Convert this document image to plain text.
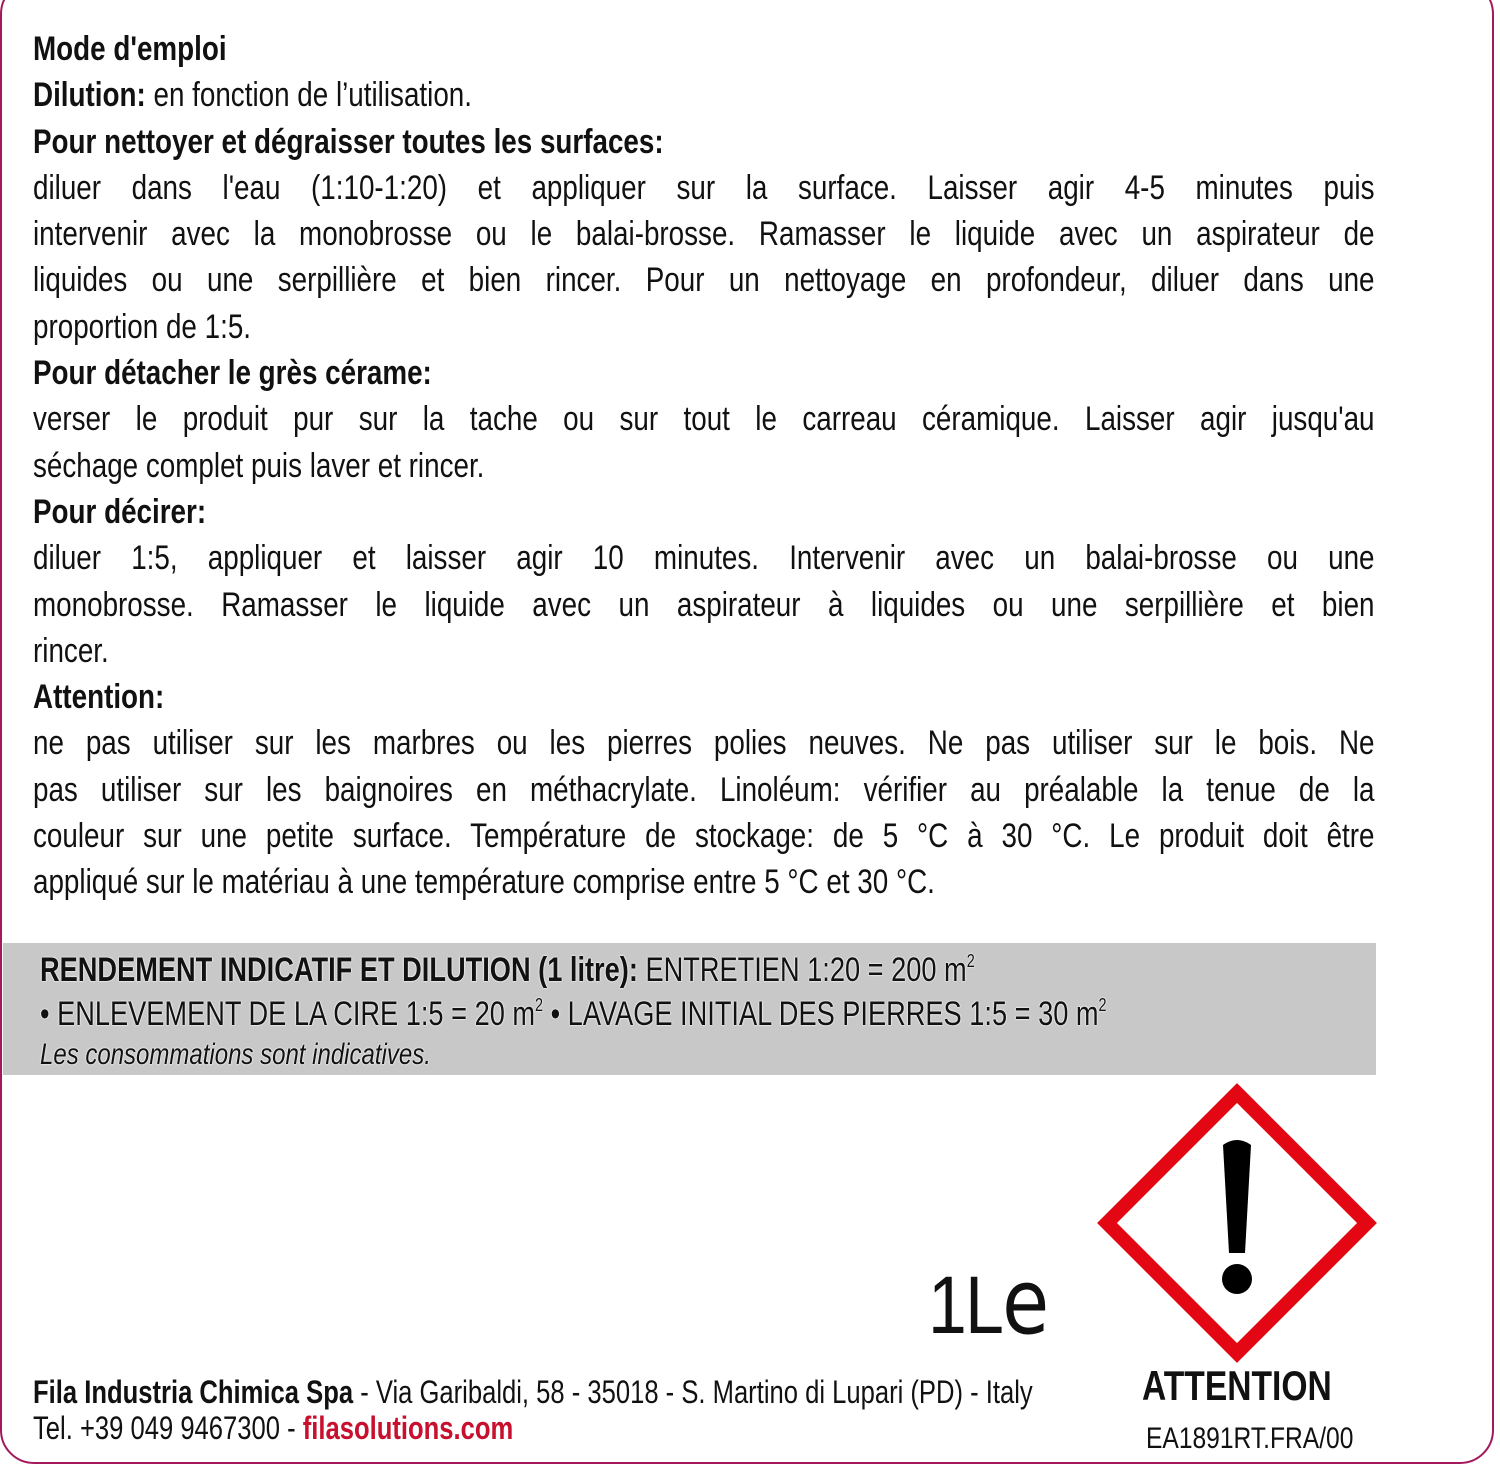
Mode d'emploi
Dilution: en fonction de l’utilisation.
Pour nettoyer et dégraisser toutes les surfaces:
diluer dans l'eau (1:10-1:20) et appliquer sur la surface. Laisser agir 4-5 minutes puis
intervenir avec la monobrosse ou le balai-brosse. Ramasser le liquide avec un aspirateur de
liquides ou une serpillière et bien rincer. Pour un nettoyage en profondeur, diluer dans une
proportion de 1:5.
Pour détacher le grès cérame:
verser le produit pur sur la tache ou sur tout le carreau céramique. Laisser agir jusqu'au
séchage complet puis laver et rincer.
Pour décirer:
diluer 1:5, appliquer et laisser agir 10 minutes. Intervenir avec un balai-brosse ou une
monobrosse. Ramasser le liquide avec un aspirateur à liquides ou une serpillière et bien
rincer.
Attention:
ne pas utiliser sur les marbres ou les pierres polies neuves. Ne pas utiliser sur le bois. Ne
pas utiliser sur les baignoires en méthacrylate. Linoléum: vérifier au préalable la tenue de la
couleur sur une petite surface. Température de stockage: de 5 °C à 30 °C. Le produit doit être
appliqué sur le matériau à une température comprise entre 5 °C et 30 °C.
RENDEMENT INDICATIF ET DILUTION (1 litre): ENTRETIEN 1:20 = 200 $m^2$
• ENLEVEMENT DE LA CIRE 1:5 = 20 $m^2$ • LAVAGE INITIAL DES PIERRES 1:5 = 30 $m^2$
Les consommations sont indicatives.
1Le
ATTENTION
EA1891RT.FRA/00
Fila Industria Chimica Spa - Via Garibaldi, 58 - 35018 - S. Martino di Lupari (PD) - Italy
Tel. +39 049 9467300 - filasolutions.com
